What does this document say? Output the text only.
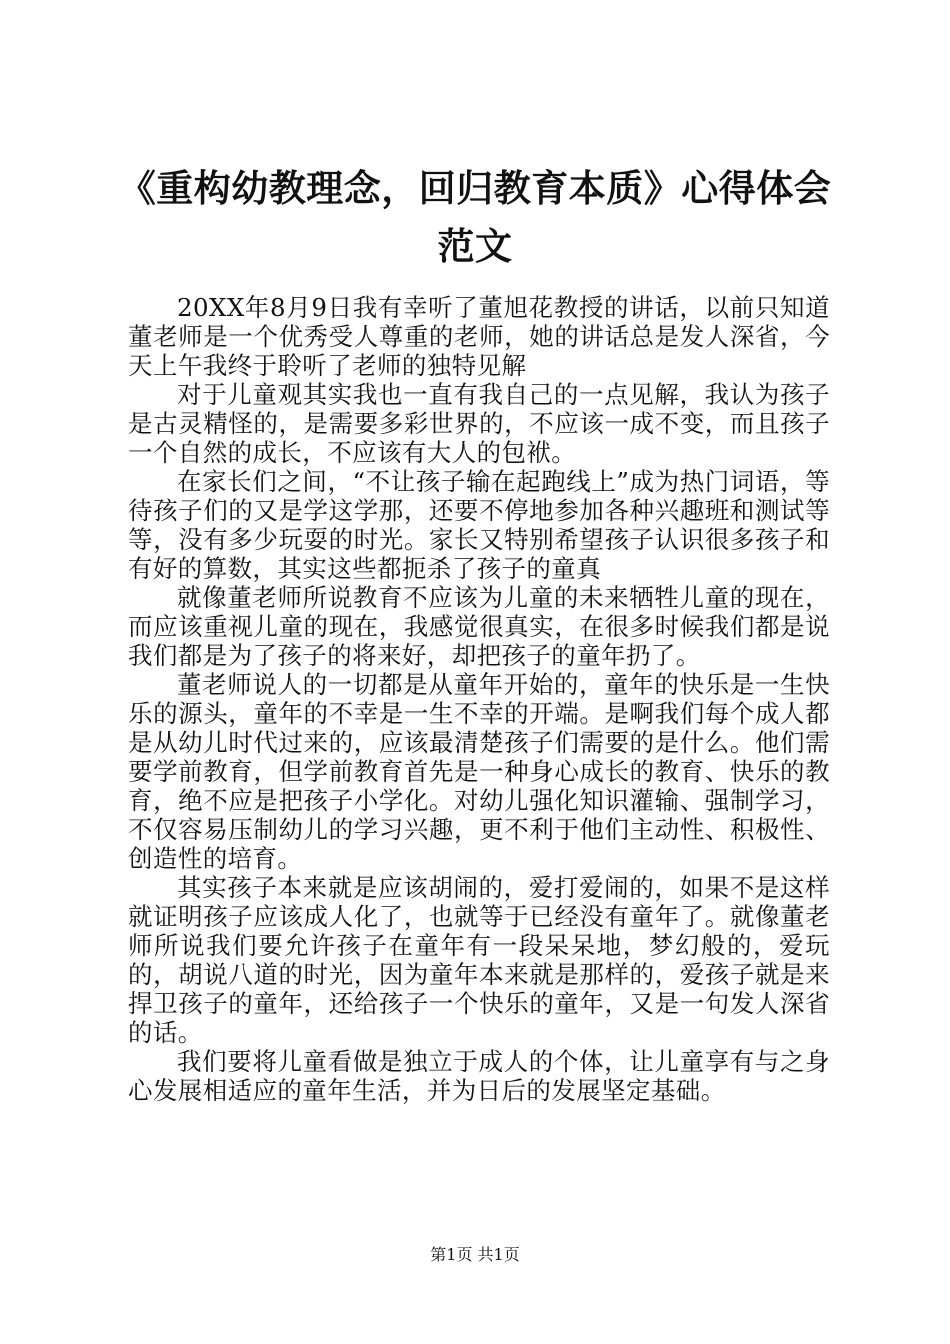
《重构幼教理念，回归教育本质》心得体会范文

20XX年8月9日我有幸听了董旭花教授的讲话，以前只知道董老师是一个优秀受人尊重的老师，她的讲话总是发人深省，今天上午我终于聆听了老师的独特见解

对于儿童观其实我也一直有我自己的一点见解，我认为孩子是古灵精怪的，是需要多彩世界的，不应该一成不变，而且孩子一个自然的成长，不应该有大人的包袱。

在家长们之间，“不让孩子输在起跑线上”成为热门词语，等待孩子们的又是学这学那，还要不停地参加各种兴趣班和测试等等，没有多少玩耍的时光。家长又特别希望孩子认识很多孩子和有好的算数，其实这些都扼杀了孩子的童真

就像董老师所说教育不应该为儿童的未来牺牲儿童的现在，而应该重视儿童的现在，我感觉很真实，在很多时候我们都是说我们都是为了孩子的将来好，却把孩子的童年扔了。

董老师说人的一切都是从童年开始的，童年的快乐是一生快乐的源头，童年的不幸是一生不幸的开端。是啊我们每个成人都是从幼儿时代过来的，应该最清楚孩子们需要的是什么。他们需要学前教育，但学前教育首先是一种身心成长的教育、快乐的教育，绝不应是把孩子小学化。对幼儿强化知识灌输、强制学习，不仅容易压制幼儿的学习兴趣，更不利于他们主动性、积极性、创造性的培育。

其实孩子本来就是应该胡闹的，爱打爱闹的，如果不是这样就证明孩子应该成人化了，也就等于已经没有童年了。就像董老师所说我们要允许孩子在童年有一段呆呆地，梦幻般的，爱玩的，胡说八道的时光，因为童年本来就是那样的，爱孩子就是来捍卫孩子的童年，还给孩子一个快乐的童年，又是一句发人深省的话。

我们要将儿童看做是独立于成人的个体，让儿童享有与之身心发展相适应的童年生活，并为日后的发展坚定基础。

第1页 共1页
